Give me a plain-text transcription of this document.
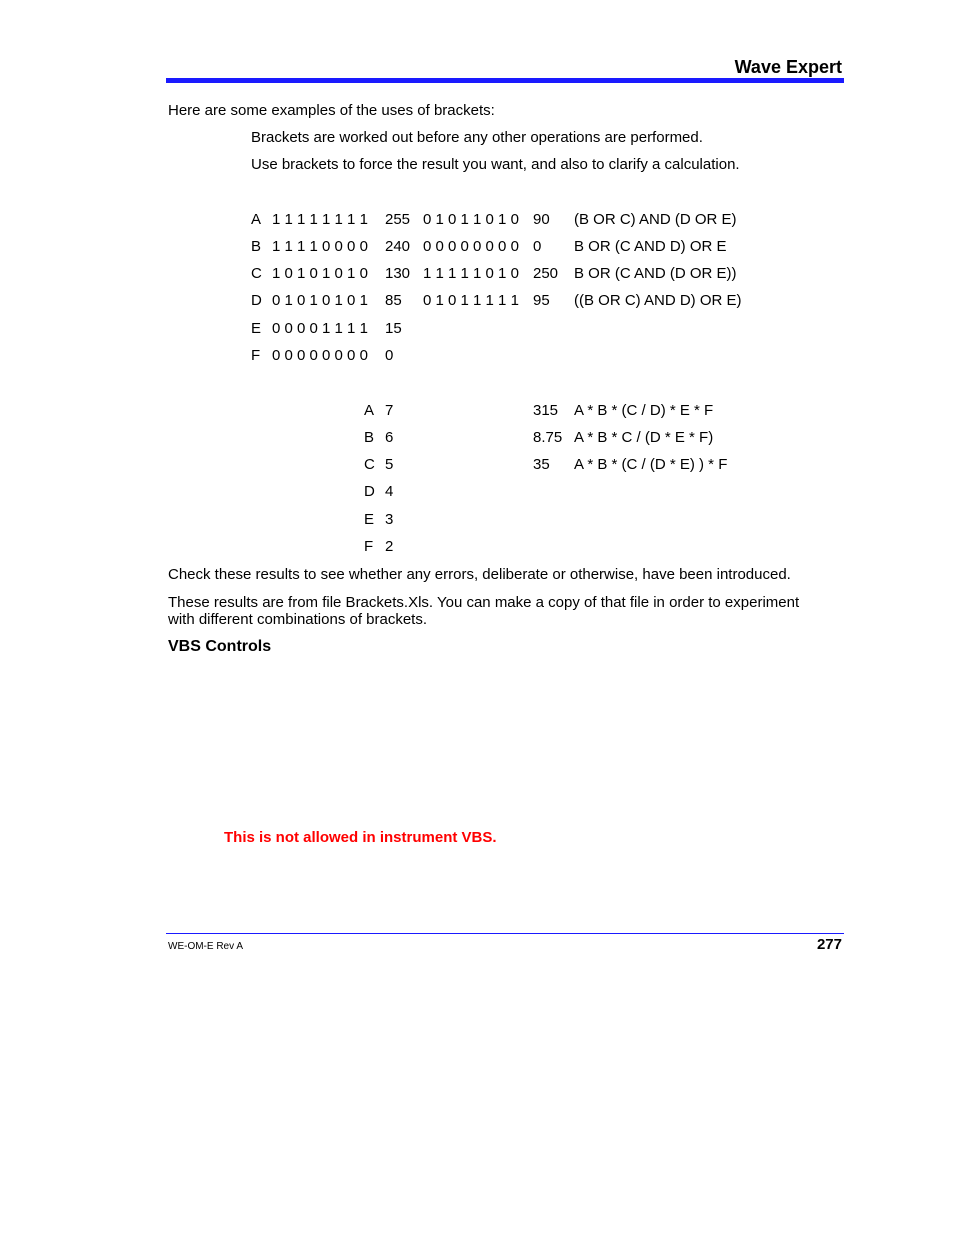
Wave Expert
Here are some examples of the uses of brackets:
Brackets are worked out before any other operations are performed.
Use brackets to force the result you want, and also to clarify a calculation.
A 1 1 1 1 1 1 1 1 255 0 1 0 1 1 0 1 0 90 (B OR C) AND (D OR E)
B 1 1 1 1 0 0 0 0 240 0 0 0 0 0 0 0 0 0 B OR (C AND D) OR E
C 1 0 1 0 1 0 1 0 130 1 1 1 1 1 0 1 0 250 B OR (C AND (D OR E))
D 0 1 0 1 0 1 0 1 85 0 1 0 1 1 1 1 1 95 ((B OR C) AND D) OR E)
E 0 0 0 0 1 1 1 1 15
F 0 0 0 0 0 0 0 0 0
A 7	315 A * B * (C / D) * E * F
B 6	8.75 A * B * C / (D * E * F)
C 5	35 A * B * (C / (D * E) ) * F
D 4
E 3
F 2
Check these results to see whether any errors, deliberate or otherwise, have been introduced.
These results are from file Brackets.Xls. You can make a copy of that file in order to experiment
with different combinations of brackets.
VBS Controls
This is not allowed in instrument VBS.
WE-OM-E Rev A	277
